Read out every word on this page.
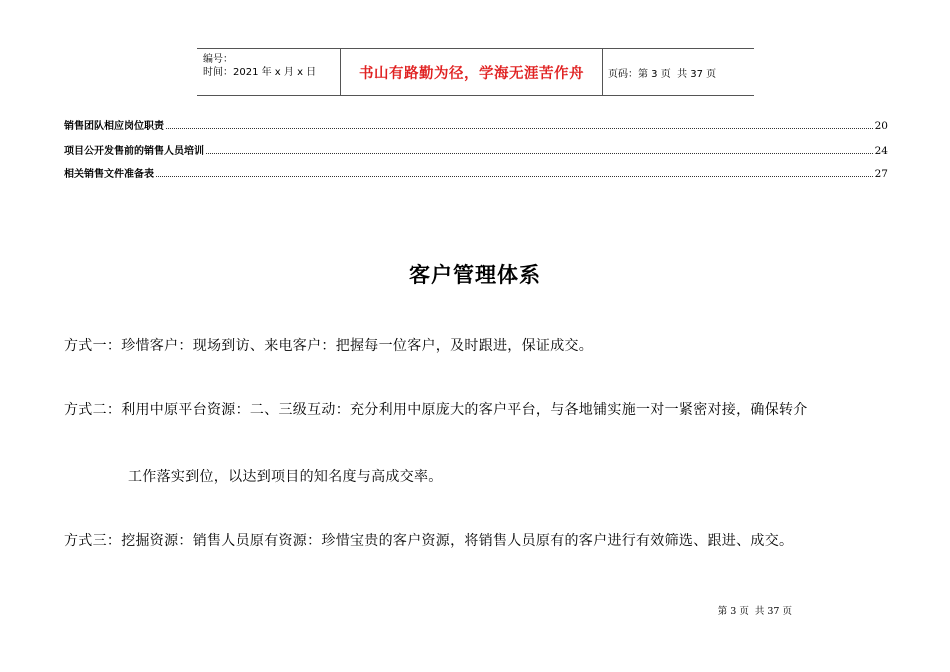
编号：
时间：2021 年 x 月 x 日	书山有路勤为径，学海无涯苦作舟 页码：第 3 页  共 37 页
销售团队相应岗位职责	20
项目公开发售前的销售人员培训	24
相关销售文件准备表	27
客户管理体系
方式一：珍惜客户：现场到访、来电客户：把握每一位客户，及时跟进，保证成交。
方式二：利用中原平台资源：二、三级互动：充分利用中原庞大的客户平台，与各地铺实施一对一紧密对接，确保转介
工作落实到位，以达到项目的知名度与高成交率。
方式三：挖掘资源：销售人员原有资源：珍惜宝贵的客户资源，将销售人员原有的客户进行有效筛选、跟进、成交。
第 3 页  共 37 页
